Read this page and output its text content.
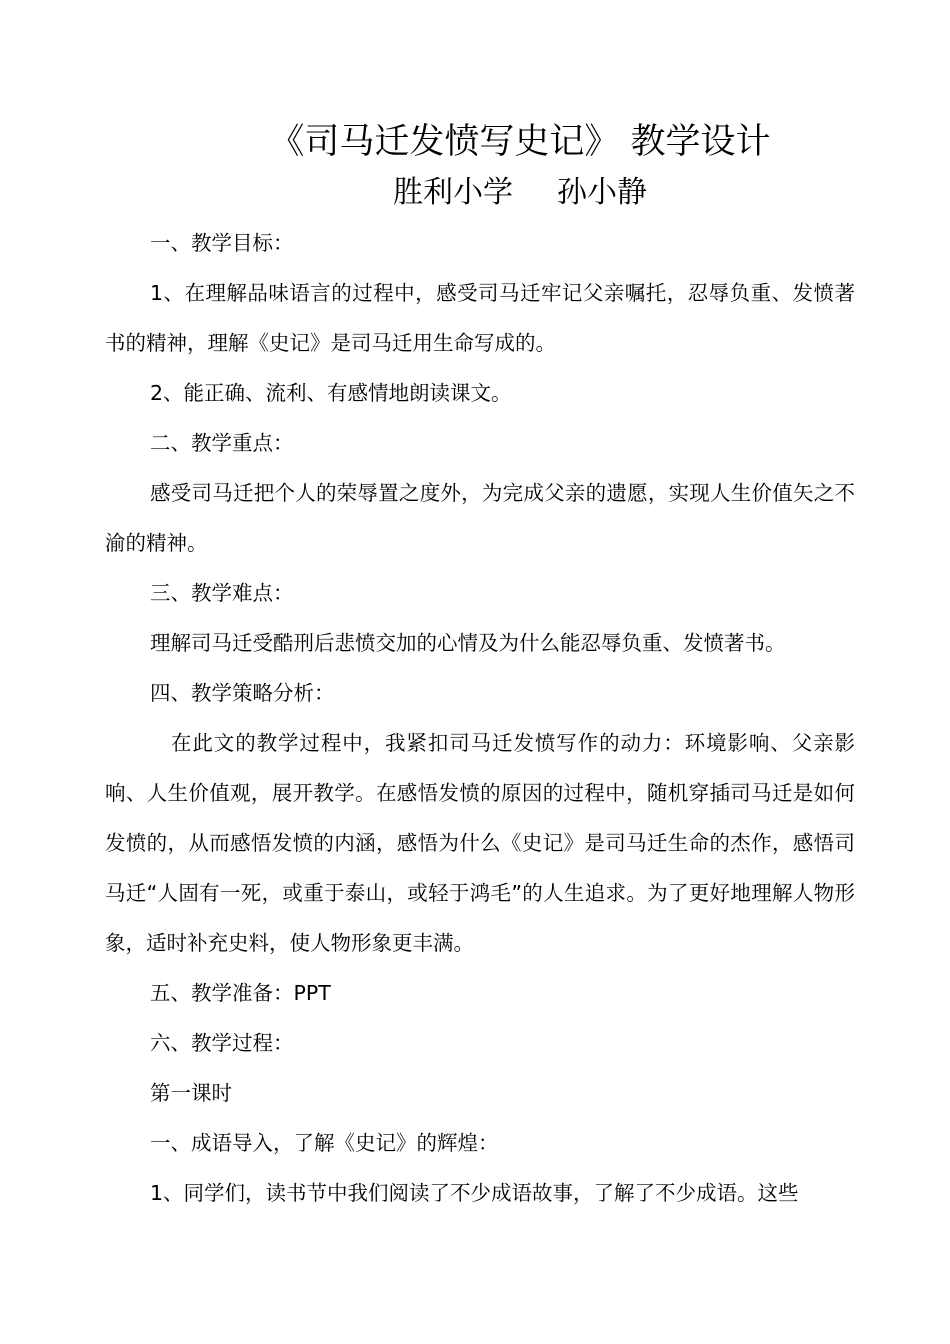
《司马迁发愤写史记》 教学设计
胜利小学 孙小静

一、教学目标：

1、在理解品味语言的过程中，感受司马迁牢记父亲嘱托，忍辱负重、发愤著书的精神，理解《史记》是司马迁用生命写成的。

2、能正确、流利、有感情地朗读课文。

二、教学重点：

感受司马迁把个人的荣辱置之度外，为完成父亲的遗愿，实现人生价值矢之不渝的精神。

三、教学难点：

理解司马迁受酷刑后悲愤交加的心情及为什么能忍辱负重、发愤著书。

四、教学策略分析：

在此文的教学过程中，我紧扣司马迁发愤写作的动力：环境影响、父亲影响、人生价值观，展开教学。在感悟发愤的原因的过程中，随机穿插司马迁是如何发愤的，从而感悟发愤的内涵，感悟为什么《史记》是司马迁生命的杰作，感悟司马迁“人固有一死，或重于泰山，或轻于鸿毛”的人生追求。为了更好地理解人物形象，适时补充史料，使人物形象更丰满。

五、教学准备：PPT

六、教学过程：

第一课时

一、成语导入，了解《史记》的辉煌：

1、同学们，读书节中我们阅读了不少成语故事，了解了不少成语。这些
